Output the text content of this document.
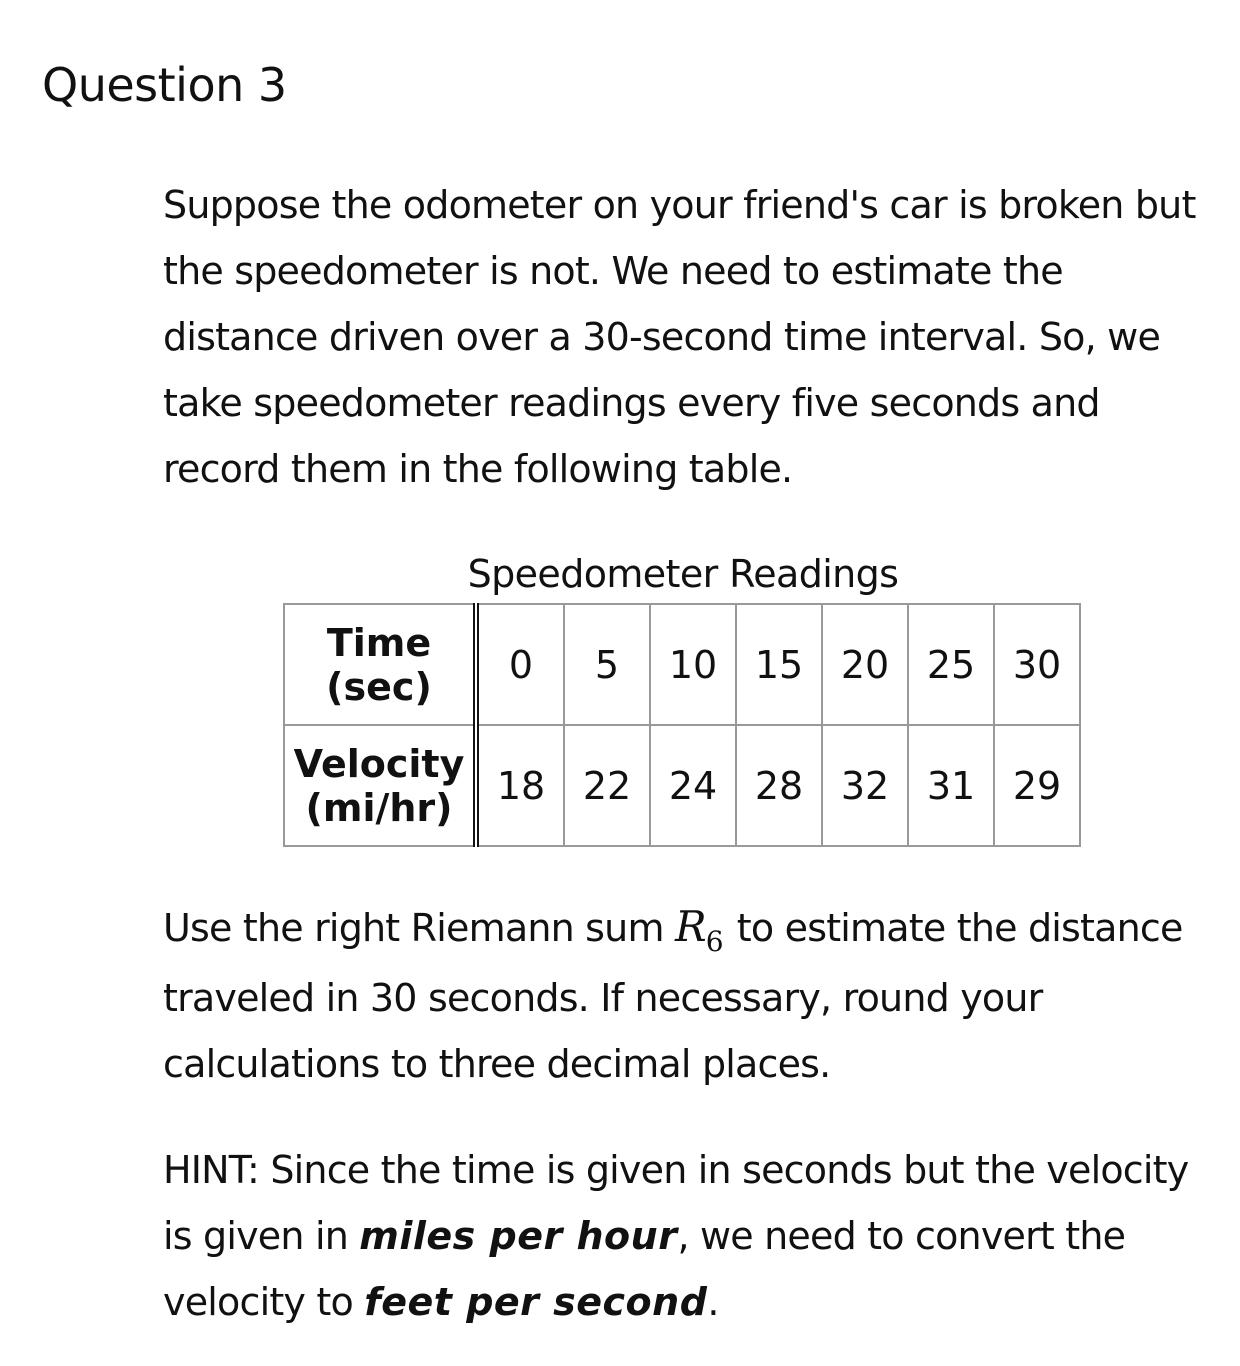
Question 3

Suppose the odometer on your friend's car is broken but the speedometer is not. We need to estimate the distance driven over a 30-second time interval. So, we take speedometer readings every five seconds and record them in the following table.

Speedometer Readings
Time
(sec)	0	5	10	15	20	25	30
Velocity
(mi/hr)	18	22	24	28	32	31	29

Use the right Riemann sum $R_6$ to estimate the distance traveled in 30 seconds. If necessary, round your calculations to three decimal places.

HINT: Since the time is given in seconds but the velocity is given in miles per hour, we need to convert the velocity to feet per second.
